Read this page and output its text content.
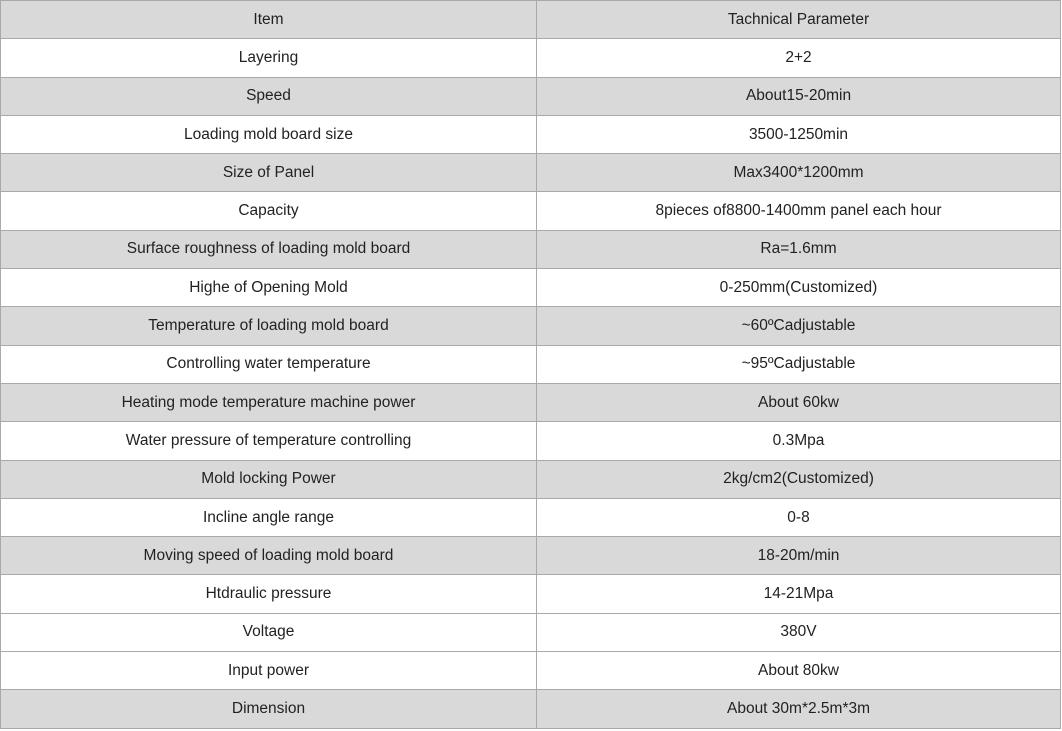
Item	Tachnical Parameter
Layering	2+2
Speed	About15-20min
Loading mold board size	3500-1250min
Size of Panel	Max3400*1200mm
Capacity	8pieces of8800-1400mm panel each hour
Surface roughness of loading mold board	Ra=1.6mm
Highe of Opening Mold	0-250mm(Customized)
Temperature of loading mold board	~60ºCadjustable
Controlling water temperature	~95ºCadjustable
Heating mode temperature machine power	About 60kw
Water pressure of temperature controlling	0.3Mpa
Mold locking Power	2kg/cm2(Customized)
Incline angle range	0-8
Moving speed of loading mold board	18-20m/min
Htdraulic pressure	14-21Mpa
Voltage	380V
Input power	About 80kw
Dimension	About 30m*2.5m*3m
